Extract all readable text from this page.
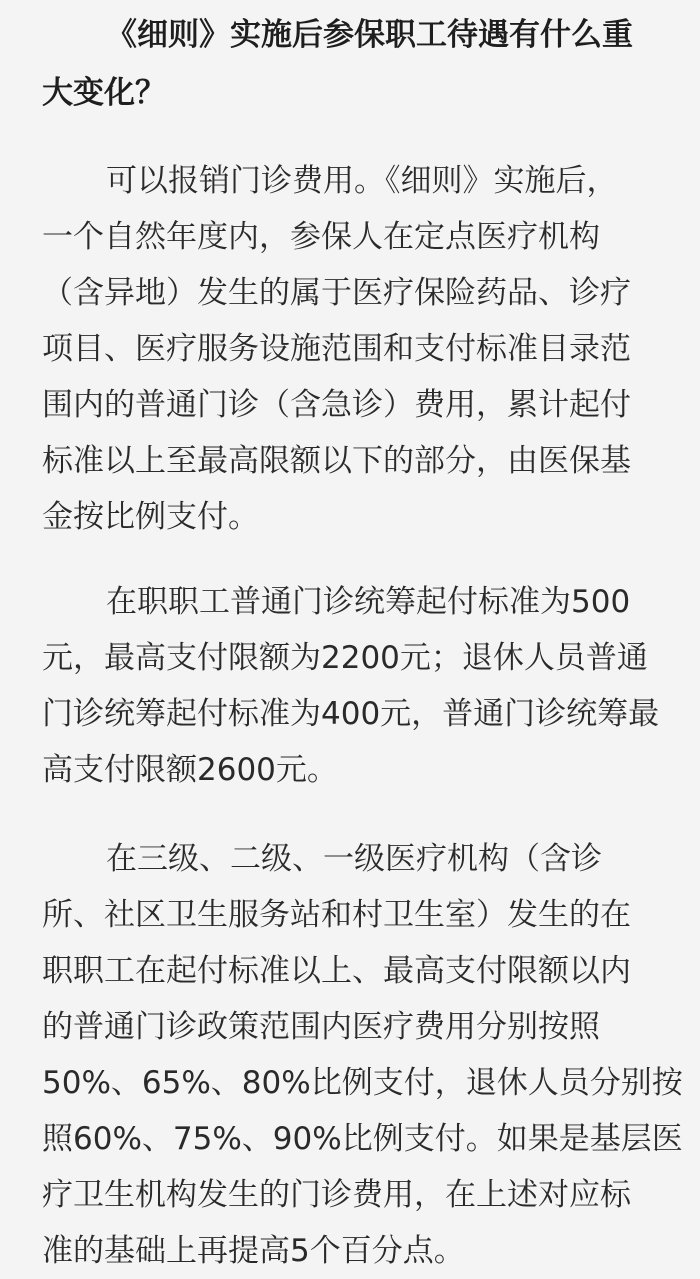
《细则》实施后参保职工待遇有什么重
大变化？
可以报销门诊费用。《细则》实施后，
一个自然年度内，参保人在定点医疗机构
（含异地）发生的属于医疗保险药品、诊疗
项目、医疗服务设施范围和支付标准目录范
围内的普通门诊（含急诊）费用，累计起付
标准以上至最高限额以下的部分，由医保基
金按比例支付。
在职职工普通门诊统筹起付标准为500
元，最高支付限额为2200元；退休人员普通
门诊统筹起付标准为400元，普通门诊统筹最
高支付限额2600元。
在三级、二级、一级医疗机构（含诊
所、社区卫生服务站和村卫生室）发生的在
职职工在起付标准以上、最高支付限额以内
的普通门诊政策范围内医疗费用分别按照
50%、65%、80%比例支付，退休人员分别按
照60%、75%、90%比例支付。如果是基层医
疗卫生机构发生的门诊费用，在上述对应标
准的基础上再提高5个百分点。
